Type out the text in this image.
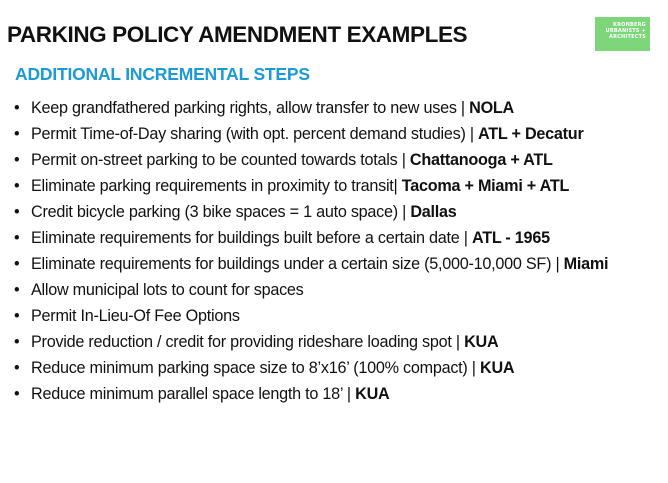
PARKING POLICY AMENDMENT EXAMPLES	KRONBERG
URBANISTS +
ARCHITECTS
ADDITIONAL INCREMENTAL STEPS
• Keep grandfathered parking rights, allow transfer to new uses | NOLA
• Permit Time-of-Day sharing (with opt. percent demand studies) | ATL + Decatur
• Permit on-street parking to be counted towards totals | Chattanooga + ATL
• Eliminate parking requirements in proximity to transit| Tacoma + Miami + ATL
• Credit bicycle parking (3 bike spaces = 1 auto space) | Dallas
• Eliminate requirements for buildings built before a certain date | ATL - 1965
• Eliminate requirements for buildings under a certain size (5,000-10,000 SF) | Miami
• Allow municipal lots to count for spaces
• Permit In-Lieu-Of Fee Options
• Provide reduction / credit for providing rideshare loading spot | KUA
• Reduce minimum parking space size to 8’x16’ (100% compact) | KUA
• Reduce minimum parallel space length to 18’ | KUA
